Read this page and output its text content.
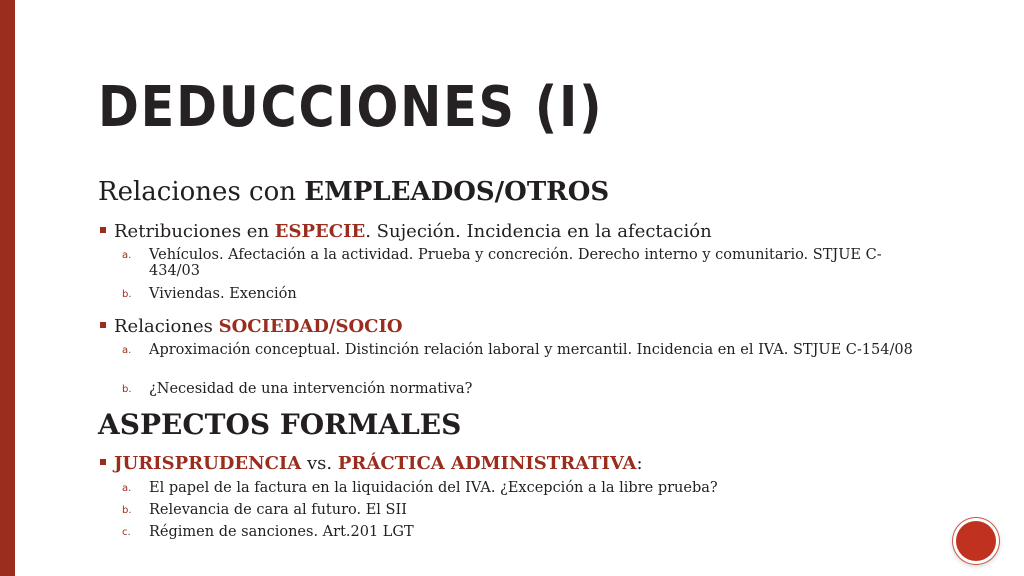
DEDUCCIONES (I)
Relaciones con EMPLEADOS/OTROS
Retribuciones en ESPECIE. Sujeción. Incidencia en la afectación
a. Vehículos. Afectación a la actividad. Prueba y concreción. Derecho interno y comunitario. STJUE C-434/03
b. Viviendas. Exención
Relaciones SOCIEDAD/SOCIO
a. Aproximación conceptual. Distinción relación laboral y mercantil. Incidencia en el IVA. STJUE C-154/08
b. ¿Necesidad de una intervención normativa?
ASPECTOS FORMALES
JURISPRUDENCIA vs. PRÁCTICA ADMINISTRATIVA:
a. El papel de la factura en la liquidación del IVA. ¿Excepción a la libre prueba?
b. Relevancia de cara al futuro. El SII
c. Régimen de sanciones. Art.201 LGT
